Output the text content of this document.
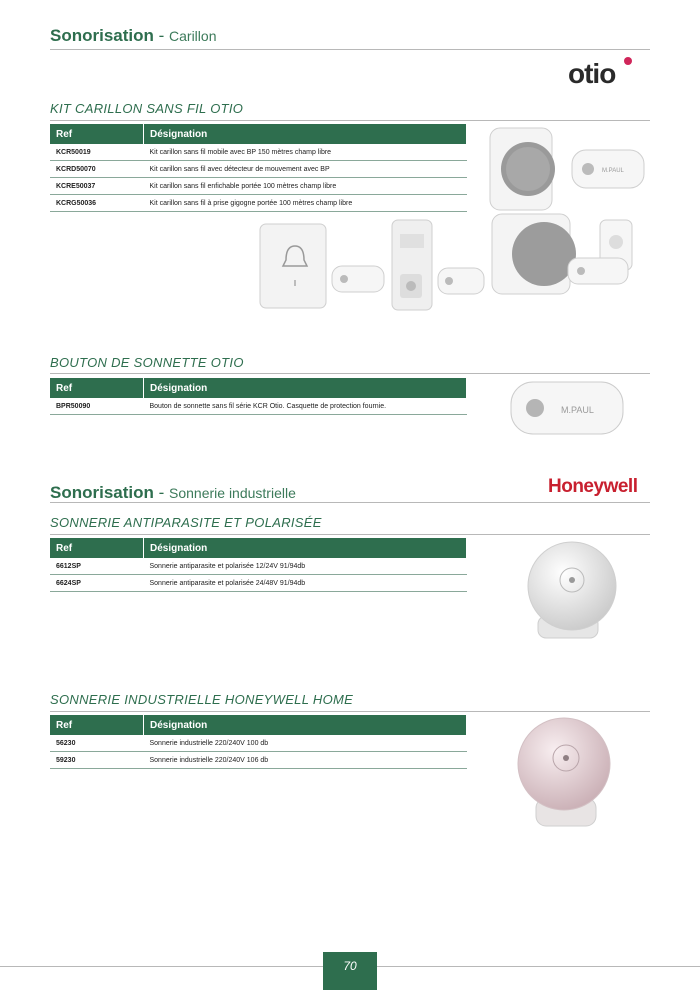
Sonorisation - Carillon
otio
KIT CARILLON SANS FIL OTIO
Ref	Désignation
KCR50019	Kit carillon sans fil mobile avec BP 150 mètres champ libre
KCRD50070	Kit carillon sans fil avec détecteur de mouvement avec BP
KCRE50037	Kit carillon sans fil enfichable portée 100 mètres champ libre
KCRG50036	Kit carillon sans fil à prise gigogne portée 100 mètres champ libre
M.PAUL
BOUTON DE SONNETTE OTIO
Ref	Désignation
BPR50090	Bouton de sonnette sans fil série KCR Otio. Casquette de protection fournie.	M.PAUL
Sonorisation - Sonnerie industrielle	Honeywell
SONNERIE ANTIPARASITE ET POLARISÉE
Ref	Désignation
6612SP	Sonnerie antiparasite et polarisée 12/24V 91/94db
6624SP	Sonnerie antiparasite et polarisée 24/48V 91/94db
SONNERIE INDUSTRIELLE HONEYWELL HOME
Ref	Désignation
56230	Sonnerie industrielle 220/240V 100 db
59230	Sonnerie industrielle 220/240V 106 db
70
